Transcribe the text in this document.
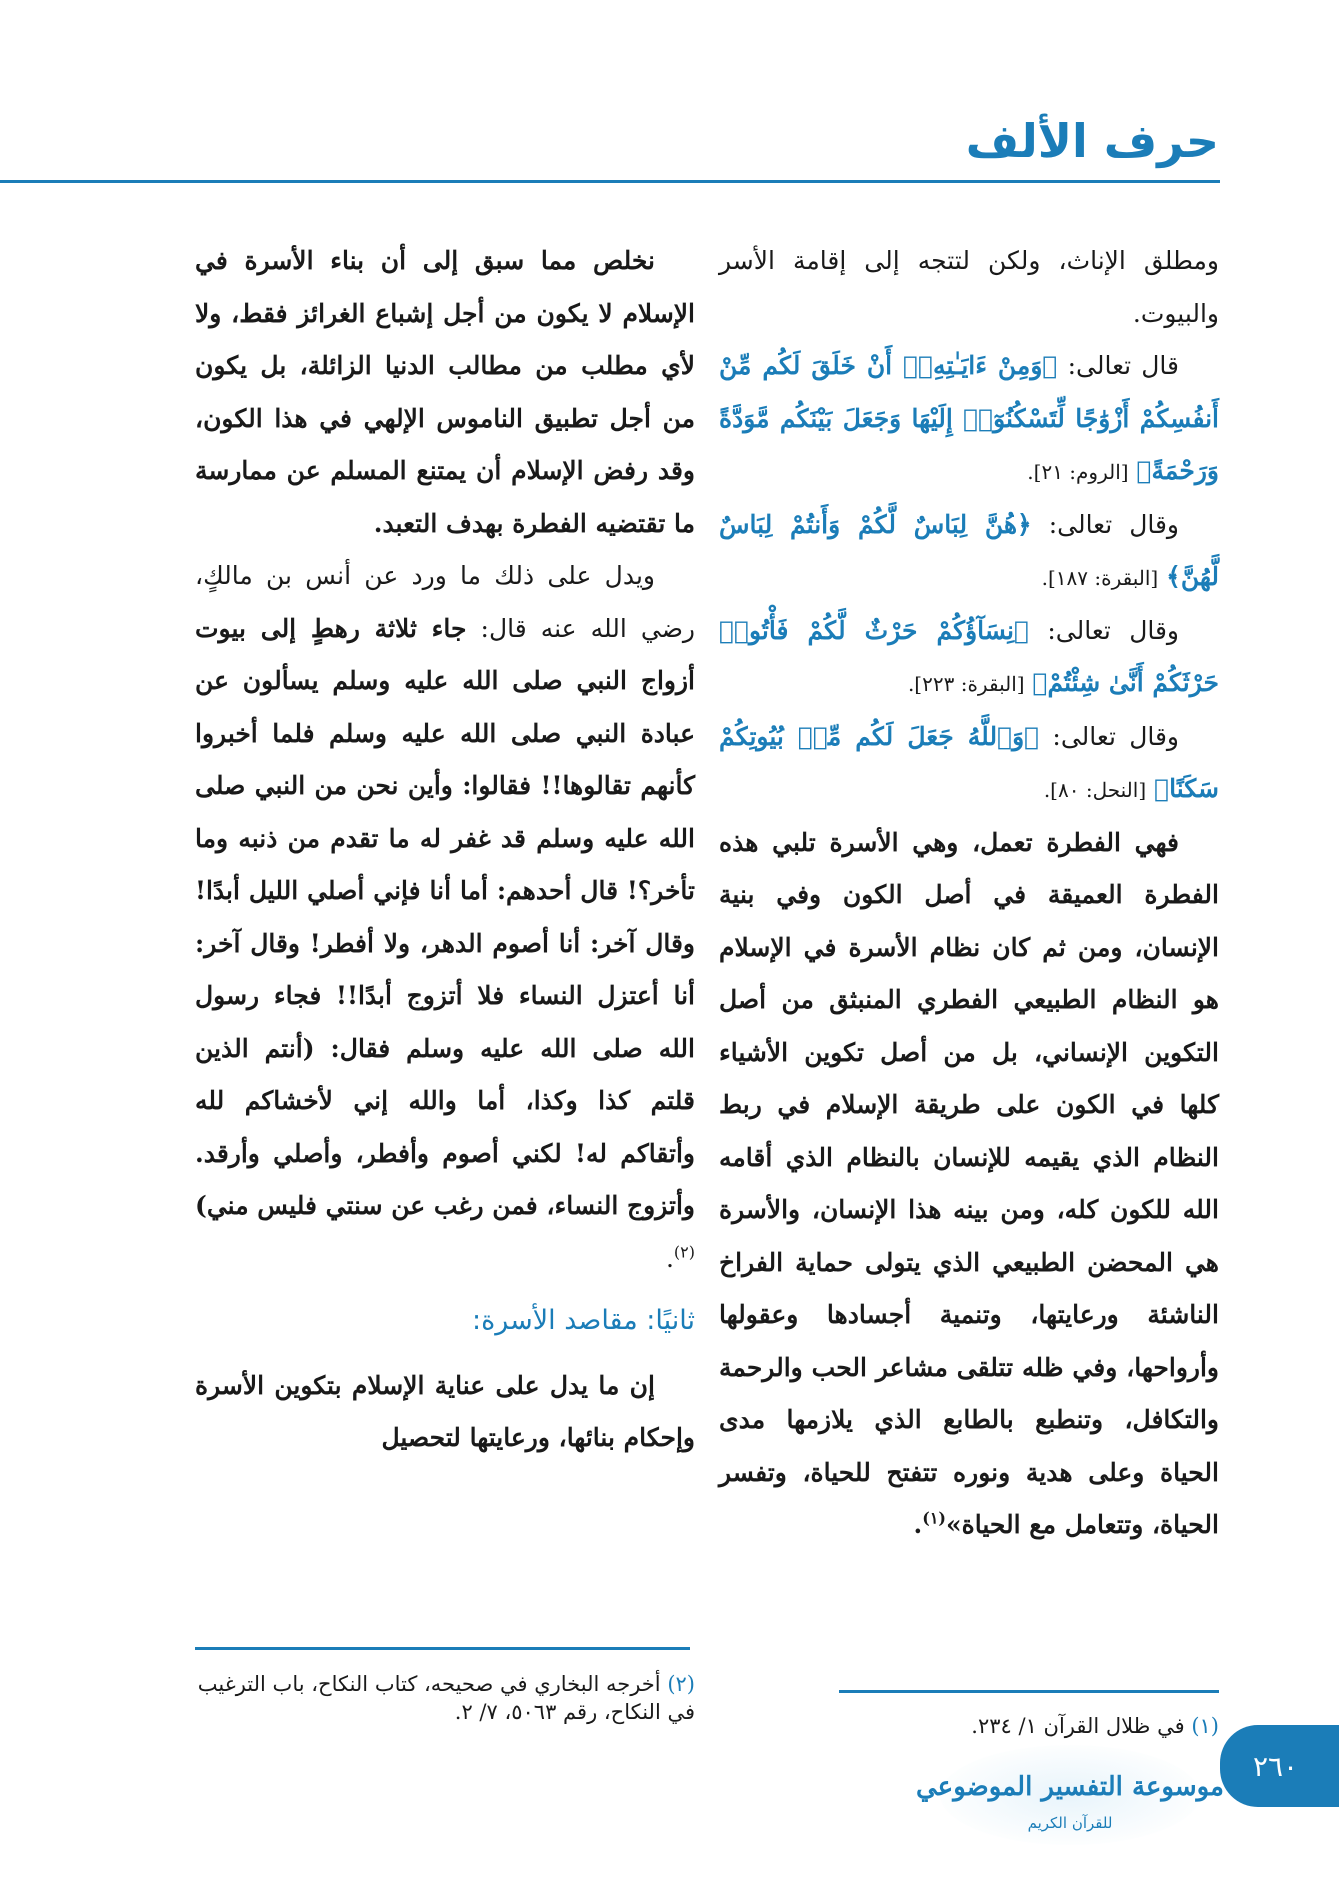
حرف الألف

ومطلق الإناث، ولكن لتتجه إلى إقامة الأسر والبيوت.

قال تعالى: ﴿وَمِنْ ءَايَـٰتِهِۦٓ أَنْ خَلَقَ لَكُم مِّنْ أَنفُسِكُمْ أَزْوَٰجًا لِّتَسْكُنُوٓا۟ إِلَيْهَا وَجَعَلَ بَيْنَكُم مَّوَدَّةً وَرَحْمَةً﴾ [الروم: ٢١].

وقال تعالى: ﴿هُنَّ لِبَاسٌ لَّكُمْ وَأَنتُمْ لِبَاسٌ لَّهُنَّ﴾ [البقرة: ١٨٧].

وقال تعالى: ﴿نِسَآؤُكُمْ حَرْثٌ لَّكُمْ فَأْتُوا۟ حَرْثَكُمْ أَنَّىٰ شِئْتُمْ﴾ [البقرة: ٢٢٣].

وقال تعالى: ﴿وَٱللَّهُ جَعَلَ لَكُم مِّنۢ بُيُوتِكُمْ سَكَنًا﴾ [النحل: ٨٠].

فهي الفطرة تعمل، وهي الأسرة تلبي هذه الفطرة العميقة في أصل الكون وفي بنية الإنسان، ومن ثم كان نظام الأسرة في الإسلام هو النظام الطبيعي الفطري المنبثق من أصل التكوين الإنساني، بل من أصل تكوين الأشياء كلها في الكون على طريقة الإسلام في ربط النظام الذي يقيمه للإنسان بالنظام الذي أقامه الله للكون كله، ومن بينه هذا الإنسان، والأسرة هي المحضن الطبيعي الذي يتولى حماية الفراخ الناشئة ورعايتها، وتنمية أجسادها وعقولها وأرواحها، وفي ظله تتلقى مشاعر الحب والرحمة والتكافل، وتنطبع بالطابع الذي يلازمها مدى الحياة وعلى هدية ونوره تتفتح للحياة، وتفسر الحياة، وتتعامل مع الحياة»$^{(١)}$.

نخلص مما سبق إلى أن بناء الأسرة في الإسلام لا يكون من أجل إشباع الغرائز فقط، ولا لأي مطلب من مطالب الدنيا الزائلة، بل يكون من أجل تطبيق الناموس الإلهي في هذا الكون، وقد رفض الإسلام أن يمتنع المسلم عن ممارسة ما تقتضيه الفطرة بهدف التعبد.

ويدل على ذلك ما ورد عن أنس بن مالكٍ، رضي الله عنه قال: جاء ثلاثة رهطٍ إلى بيوت أزواج النبي صلى الله عليه وسلم يسألون عن عبادة النبي صلى الله عليه وسلم فلما أخبروا كأنهم تقالوها!! فقالوا: وأين نحن من النبي صلى الله عليه وسلم قد غفر له ما تقدم من ذنبه وما تأخر؟! قال أحدهم: أما أنا فإني أصلي الليل أبدًا! وقال آخر: أنا أصوم الدهر، ولا أفطر! وقال آخر: أنا أعتزل النساء فلا أتزوج أبدًا!! فجاء رسول الله صلى الله عليه وسلم فقال: (أنتم الذين قلتم كذا وكذا، أما والله إني لأخشاكم لله وأتقاكم له! لكني أصوم وأفطر، وأصلي وأرقد. وأتزوج النساء، فمن رغب عن سنتي فليس مني)$^{(٢)}$.

ثانيًا: مقاصد الأسرة:

إن ما يدل على عناية الإسلام بتكوين الأسرة وإحكام بنائها، ورعايتها لتحصيل

(٢) أخرجه البخاري في صحيحه، كتاب النكاح، باب الترغيب في النكاح، رقم ٥٠٦٣، ٧/ ٢.
(١) في ظلال القرآن ١/ ٢٣٤.
٢٦٠
موسوعة التفسير الموضوعي
للقرآن الكريم
